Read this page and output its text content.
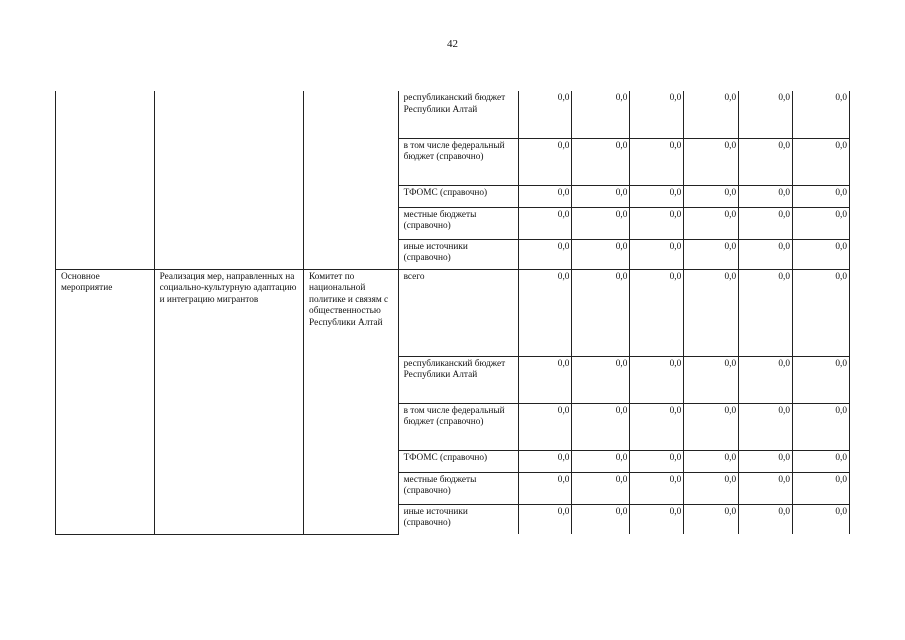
42
			республиканский бюджет Республики Алтай	0,0	0,0	0,0	0,0	0,0	0,0
			в том числе федеральный бюджет (справочно)	0,0	0,0	0,0	0,0	0,0	0,0
			ТФОМС (справочно)	0,0	0,0	0,0	0,0	0,0	0,0
			местные бюджеты (справочно)	0,0	0,0	0,0	0,0	0,0	0,0
			иные источники (справочно)	0,0	0,0	0,0	0,0	0,0	0,0
Основное мероприятие	Реализация мер, направленных на социально-культурную адаптацию и интеграцию мигрантов	Комитет по национальной политике и связям с общественностью Республики Алтай	всего	0,0	0,0	0,0	0,0	0,0	0,0
			республиканский бюджет Республики Алтай	0,0	0,0	0,0	0,0	0,0	0,0
			в том числе федеральный бюджет (справочно)	0,0	0,0	0,0	0,0	0,0	0,0
			ТФОМС (справочно)	0,0	0,0	0,0	0,0	0,0	0,0
			местные бюджеты (справочно)	0,0	0,0	0,0	0,0	0,0	0,0
			иные источники (справочно)	0,0	0,0	0,0	0,0	0,0	0,0
